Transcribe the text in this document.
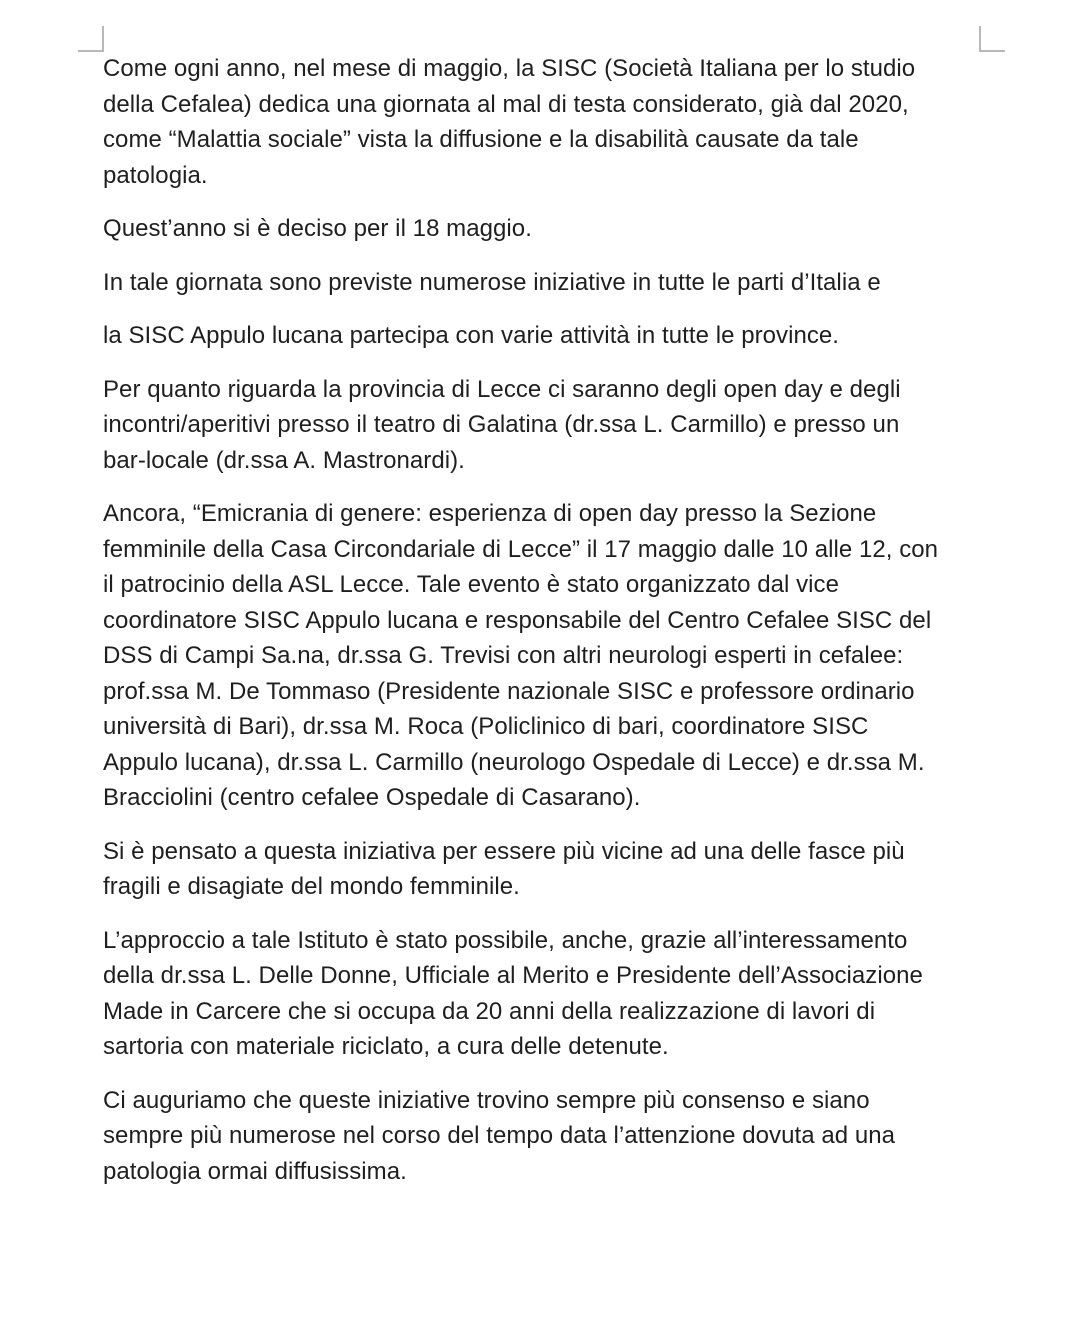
Come ogni anno, nel mese di maggio, la SISC (Società Italiana per lo studio
della Cefalea) dedica una giornata al mal di testa considerato, già dal 2020,
come “Malattia sociale” vista la diffusione e la disabilità causate da tale
patologia.

Quest’anno si è deciso per il 18 maggio.

In tale giornata sono previste numerose iniziative in tutte le parti d’Italia e

la SISC Appulo lucana partecipa con varie attività in tutte le province.

Per quanto riguarda la provincia di Lecce ci saranno degli open day e degli
incontri/aperitivi presso il teatro di Galatina (dr.ssa L. Carmillo) e presso un
bar-locale (dr.ssa A. Mastronardi).

Ancora, “Emicrania di genere: esperienza di open day presso la Sezione
femminile della Casa Circondariale di Lecce” il 17 maggio dalle 10 alle 12, con
il patrocinio della ASL Lecce. Tale evento è stato organizzato dal vice
coordinatore SISC Appulo lucana e responsabile del Centro Cefalee SISC del
DSS di Campi Sa.na, dr.ssa G. Trevisi con altri neurologi esperti in cefalee:
prof.ssa M. De Tommaso (Presidente nazionale SISC e professore ordinario
università di Bari), dr.ssa M. Roca (Policlinico di bari, coordinatore SISC
Appulo lucana), dr.ssa L. Carmillo (neurologo Ospedale di Lecce) e dr.ssa M.
Bracciolini (centro cefalee Ospedale di Casarano).

Si è pensato a questa iniziativa per essere più vicine ad una delle fasce più
fragili e disagiate del mondo femminile.

L’approccio a tale Istituto è stato possibile, anche, grazie all’interessamento
della dr.ssa L. Delle Donne, Ufficiale al Merito e Presidente dell’Associazione
Made in Carcere che si occupa da 20 anni della realizzazione di lavori di
sartoria con materiale riciclato, a cura delle detenute.

Ci auguriamo che queste iniziative trovino sempre più consenso e siano
sempre più numerose nel corso del tempo data l’attenzione dovuta ad una
patologia ormai diffusissima.
